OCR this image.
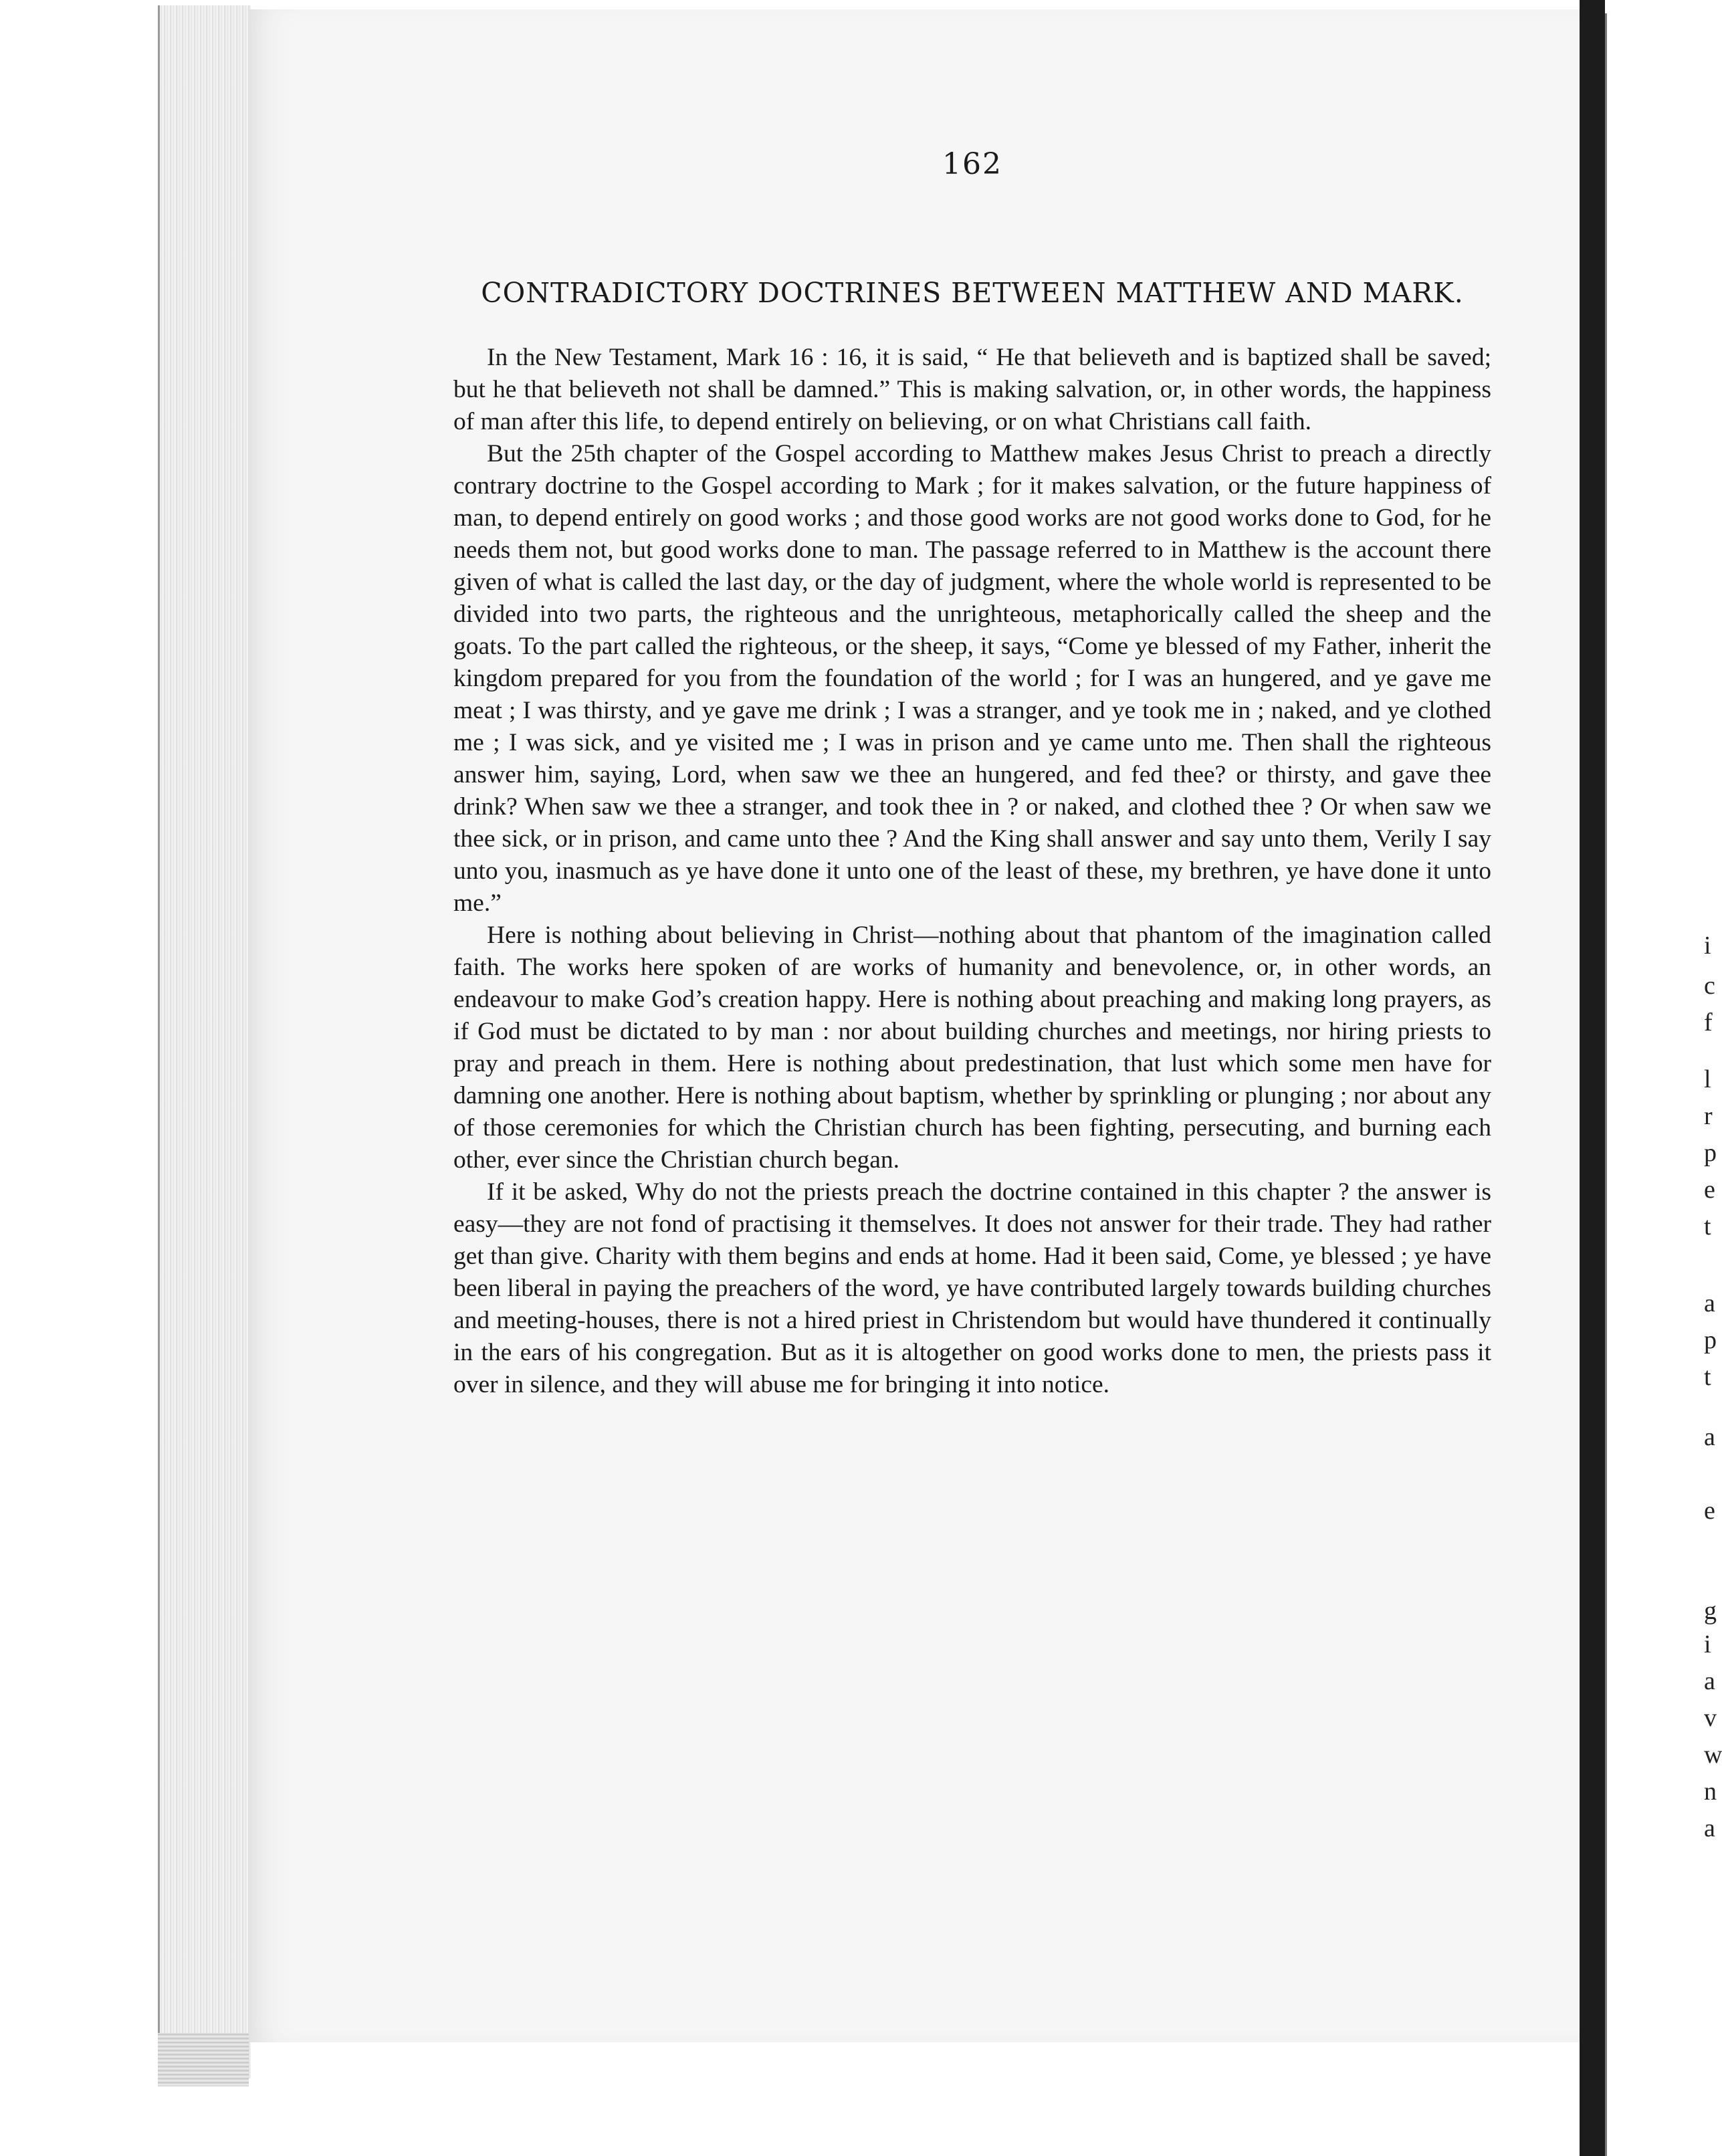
i
c
f
l
r
p
e
t
a
p
t
a
e
g
i
a
v
w
n
a
162
CONTRADICTORY DOCTRINES BETWEEN MATTHEW AND MARK.

In the New Testament, Mark 16 : 16, it is said, “ He that believeth and is baptized shall be saved; but he that believeth not shall be damned.” This is making salvation, or, in other words, the happiness of man after this life, to depend entirely on believing, or on what Christians call faith.

But the 25th chapter of the Gospel according to Matthew makes Jesus Christ to preach a directly contrary doctrine to the Gospel according to Mark ; for it makes salvation, or the future happiness of man, to depend entirely on good works ; and those good works are not good works done to God, for he needs them not, but good works done to man. The passage referred to in Matthew is the account there given of what is called the last day, or the day of judgment, where the whole world is represented to be divided into two parts, the righteous and the unrighteous, metaphorically called the sheep and the goats. To the part called the righteous, or the sheep, it says, “Come ye blessed of my Father, inherit the kingdom prepared for you from the foundation of the world ; for I was an hungered, and ye gave me meat ; I was thirsty, and ye gave me drink ; I was a stranger, and ye took me in ; naked, and ye clothed me ; I was sick, and ye visited me ; I was in prison and ye came unto me. Then shall the righteous answer him, saying, Lord, when saw we thee an hungered, and fed thee? or thirsty, and gave thee drink? When saw we thee a stranger, and took thee in ? or naked, and clothed thee ? Or when saw we thee sick, or in prison, and came unto thee ? And the King shall answer and say unto them, Verily I say unto you, inasmuch as ye have done it unto one of the least of these, my brethren, ye have done it unto me.”

Here is nothing about believing in Christ—nothing about that phantom of the imagination called faith. The works here spoken of are works of humanity and benevolence, or, in other words, an endeavour to make God’s creation happy. Here is nothing about preaching and making long prayers, as if God must be dictated to by man : nor about building churches and meetings, nor hiring priests to pray and preach in them. Here is nothing about predestination, that lust which some men have for damning one another. Here is nothing about baptism, whether by sprinkling or plunging ; nor about any of those ceremonies for which the Christian church has been fighting, persecuting, and burning each other, ever since the Christian church began.

If it be asked, Why do not the priests preach the doctrine contained in this chapter ? the answer is easy—they are not fond of practising it themselves. It does not answer for their trade. They had rather get than give. Charity with them begins and ends at home. Had it been said, Come, ye blessed ; ye have been liberal in paying the preachers of the word, ye have contributed largely towards building churches and meeting-houses, there is not a hired priest in Christendom but would have thundered it continually in the ears of his congregation. But as it is altogether on good works done to men, the priests pass it over in silence, and they will abuse me for bringing it into notice.
